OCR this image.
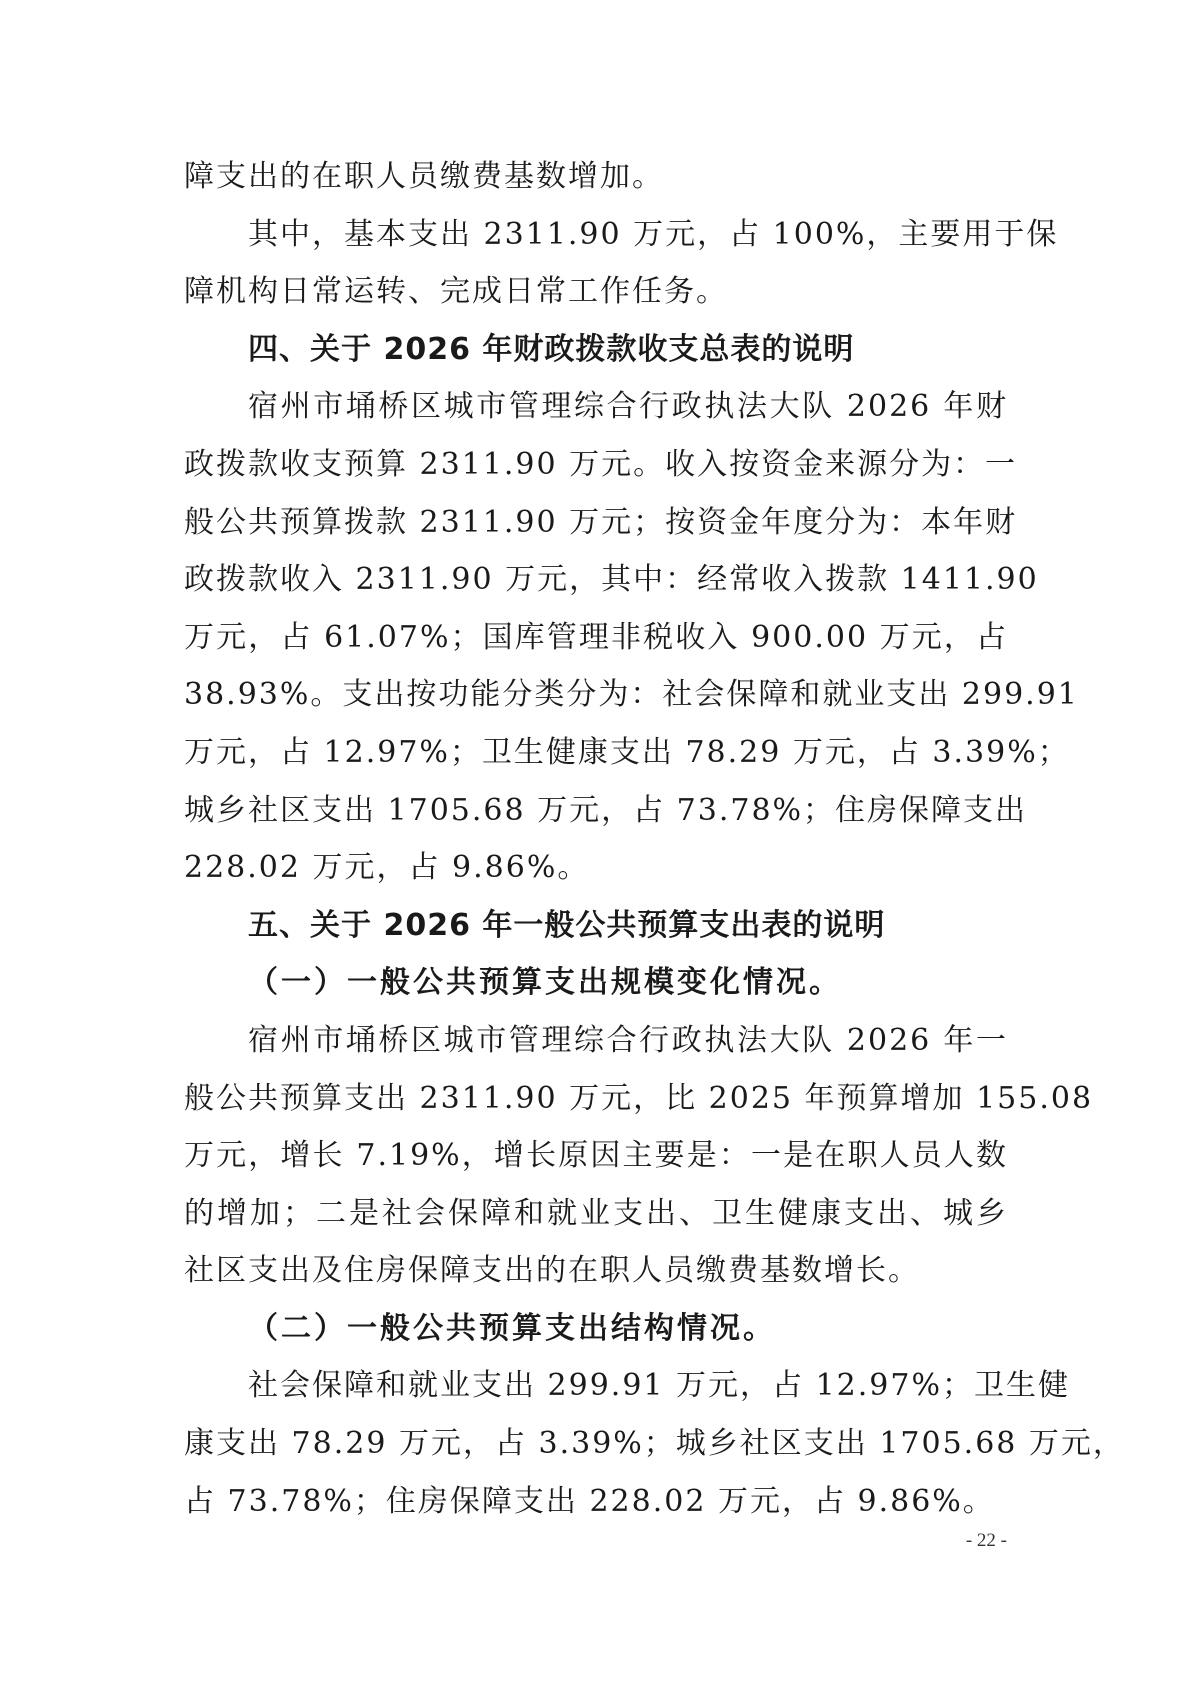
障支出的在职人员缴费基数增加。
其中，基本支出 2311.90 万元，占 100%，主要用于保
障机构日常运转、完成日常工作任务。
四、关于 2026 年财政拨款收支总表的说明
宿州市埇桥区城市管理综合行政执法大队 2026 年财
政拨款收支预算 2311.90 万元。收入按资金来源分为：一
般公共预算拨款 2311.90 万元；按资金年度分为：本年财
政拨款收入 2311.90 万元，其中：经常收入拨款 1411.90
万元，占 61.07%；国库管理非税收入 900.00 万元，占
38.93%。支出按功能分类分为：社会保障和就业支出 299.91
万元，占 12.97%；卫生健康支出 78.29 万元，占 3.39%；
城乡社区支出 1705.68 万元，占 73.78%；住房保障支出
228.02 万元，占 9.86%。
五、关于 2026 年一般公共预算支出表的说明
（一）一般公共预算支出规模变化情况。
宿州市埇桥区城市管理综合行政执法大队 2026 年一
般公共预算支出 2311.90 万元，比 2025 年预算增加 155.08
万元，增长 7.19%，增长原因主要是：一是在职人员人数
的增加；二是社会保障和就业支出、卫生健康支出、城乡
社区支出及住房保障支出的在职人员缴费基数增长。
（二）一般公共预算支出结构情况。
社会保障和就业支出 299.91 万元，占 12.97%；卫生健
康支出 78.29 万元，占 3.39%；城乡社区支出 1705.68 万元，
占 73.78%；住房保障支出 228.02 万元，占 9.86%。
- 22 -
